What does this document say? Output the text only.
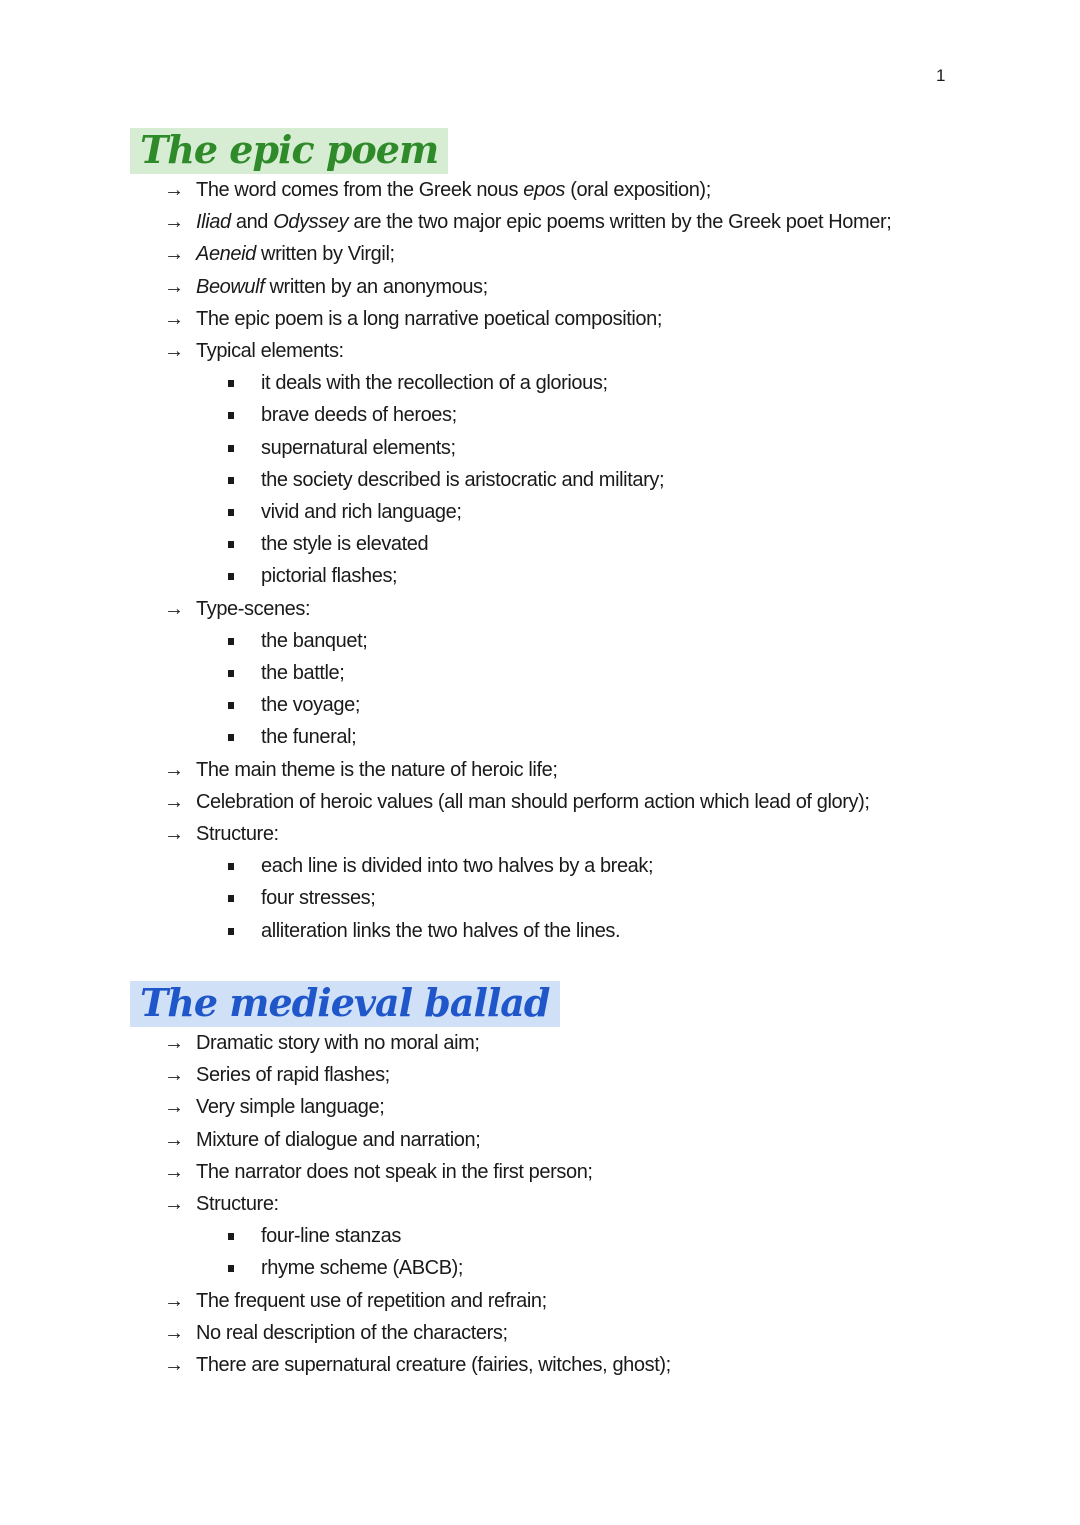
1
The epic poem
→ The word comes from the Greek nous epos (oral exposition);
→ Iliad and Odyssey are the two major epic poems written by the Greek poet Homer;
→ Aeneid written by Virgil;
→ Beowulf written by an anonymous;
→ The epic poem is a long narrative poetical composition;
→ Typical elements:
it deals with the recollection of a glorious;
brave deeds of heroes;
supernatural elements;
the society described is aristocratic and military;
vivid and rich language;
the style is elevated
pictorial flashes;
→ Type-scenes:
the banquet;
the battle;
the voyage;
the funeral;
→ The main theme is the nature of heroic life;
→ Celebration of heroic values (all man should perform action which lead of glory);
→ Structure:
each line is divided into two halves by a break;
four stresses;
alliteration links the two halves of the lines.
The medieval ballad
→ Dramatic story with no moral aim;
→ Series of rapid flashes;
→ Very simple language;
→ Mixture of dialogue and narration;
→ The narrator does not speak in the first person;
→ Structure:
four-line stanzas
rhyme scheme (ABCB);
→ The frequent use of repetition and refrain;
→ No real description of the characters;
→ There are supernatural creature (fairies, witches, ghost);
